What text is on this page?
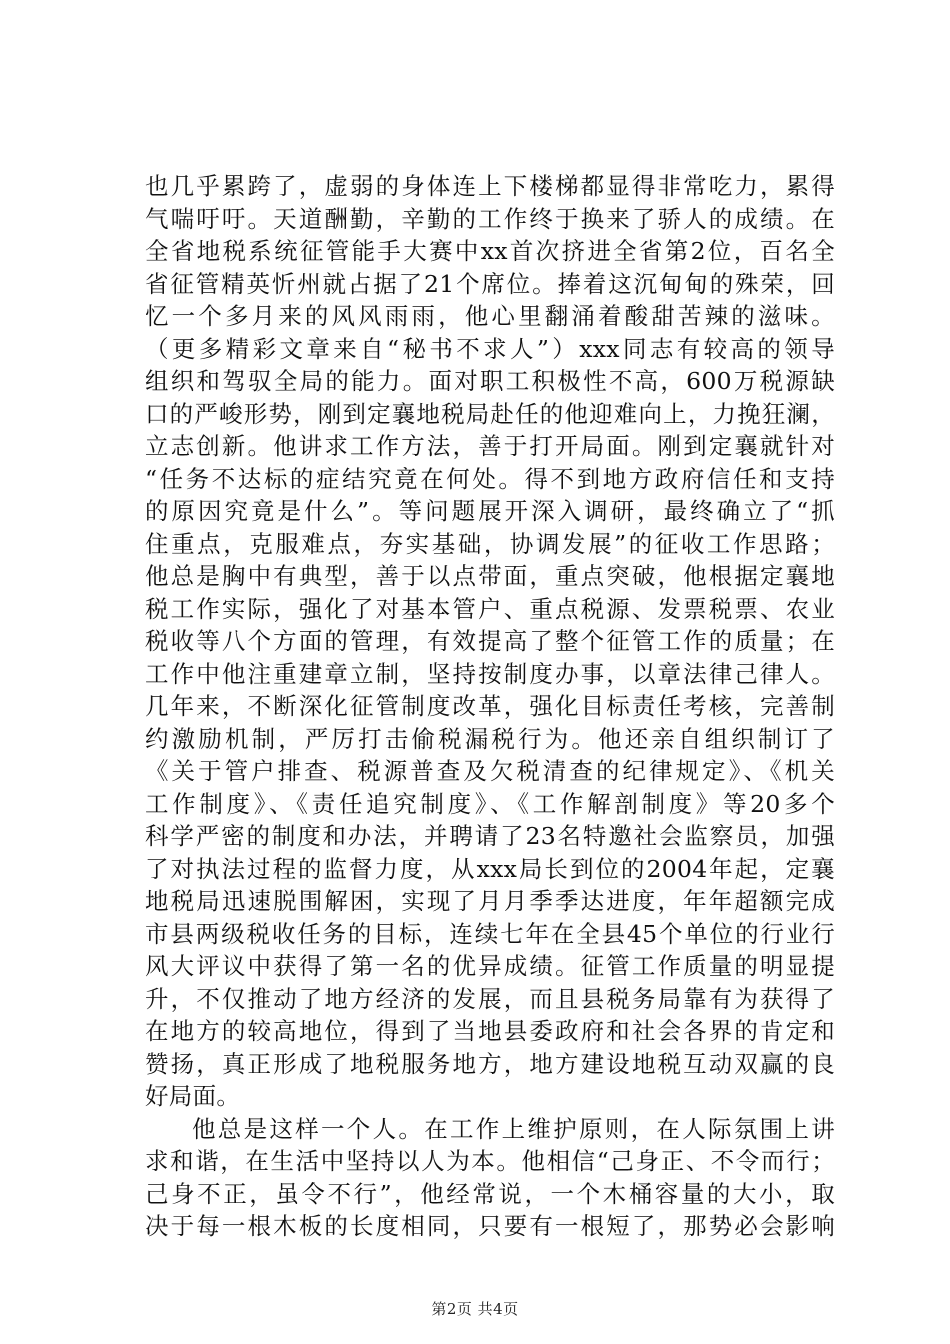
也几乎累跨了，虚弱的身体连上下楼梯都显得非常吃力，累得
气喘吁吁。天道酬勤，辛勤的工作终于换来了骄人的成绩。在
全省地税系统征管能手大赛中xx首次挤进全省第2位，百名全
省征管精英忻州就占据了21个席位。捧着这沉甸甸的殊荣，回
忆一个多月来的风风雨雨，他心里翻涌着酸甜苦辣的滋味。
（更多精彩文章来自“秘书不求人”）xxx同志有较高的领导
组织和驾驭全局的能力。面对职工积极性不高，600万税源缺
口的严峻形势，刚到定襄地税局赴任的他迎难向上，力挽狂澜，
立志创新。他讲求工作方法，善于打开局面。刚到定襄就针对
“任务不达标的症结究竟在何处。得不到地方政府信任和支持
的原因究竟是什么”。等问题展开深入调研，最终确立了“抓
住重点，克服难点，夯实基础，协调发展”的征收工作思路；
他总是胸中有典型，善于以点带面，重点突破，他根据定襄地
税工作实际，强化了对基本管户、重点税源、发票税票、农业
税收等八个方面的管理，有效提高了整个征管工作的质量；在
工作中他注重建章立制，坚持按制度办事，以章法律己律人。
几年来，不断深化征管制度改革，强化目标责任考核，完善制
约激励机制，严厉打击偷税漏税行为。他还亲自组织制订了
《关于管户排查、税源普查及欠税清查的纪律规定》、《机关
工作制度》、《责任追究制度》、《工作解剖制度》等20多个
科学严密的制度和办法，并聘请了23名特邀社会监察员，加强
了对执法过程的监督力度，从xxx局长到位的2004年起，定襄
地税局迅速脱围解困，实现了月月季季达进度，年年超额完成
市县两级税收任务的目标，连续七年在全县45个单位的行业行
风大评议中获得了第一名的优异成绩。征管工作质量的明显提
升，不仅推动了地方经济的发展，而且县税务局靠有为获得了
在地方的较高地位，得到了当地县委政府和社会各界的肯定和
赞扬，真正形成了地税服务地方，地方建设地税互动双赢的良
好局面。
他总是这样一个人。在工作上维护原则，在人际氛围上讲
求和谐，在生活中坚持以人为本。他相信“己身正、不令而行；
己身不正，虽令不行”，他经常说，一个木桶容量的大小，取
决于每一根木板的长度相同，只要有一根短了，那势必会影响
第2页 共4页
